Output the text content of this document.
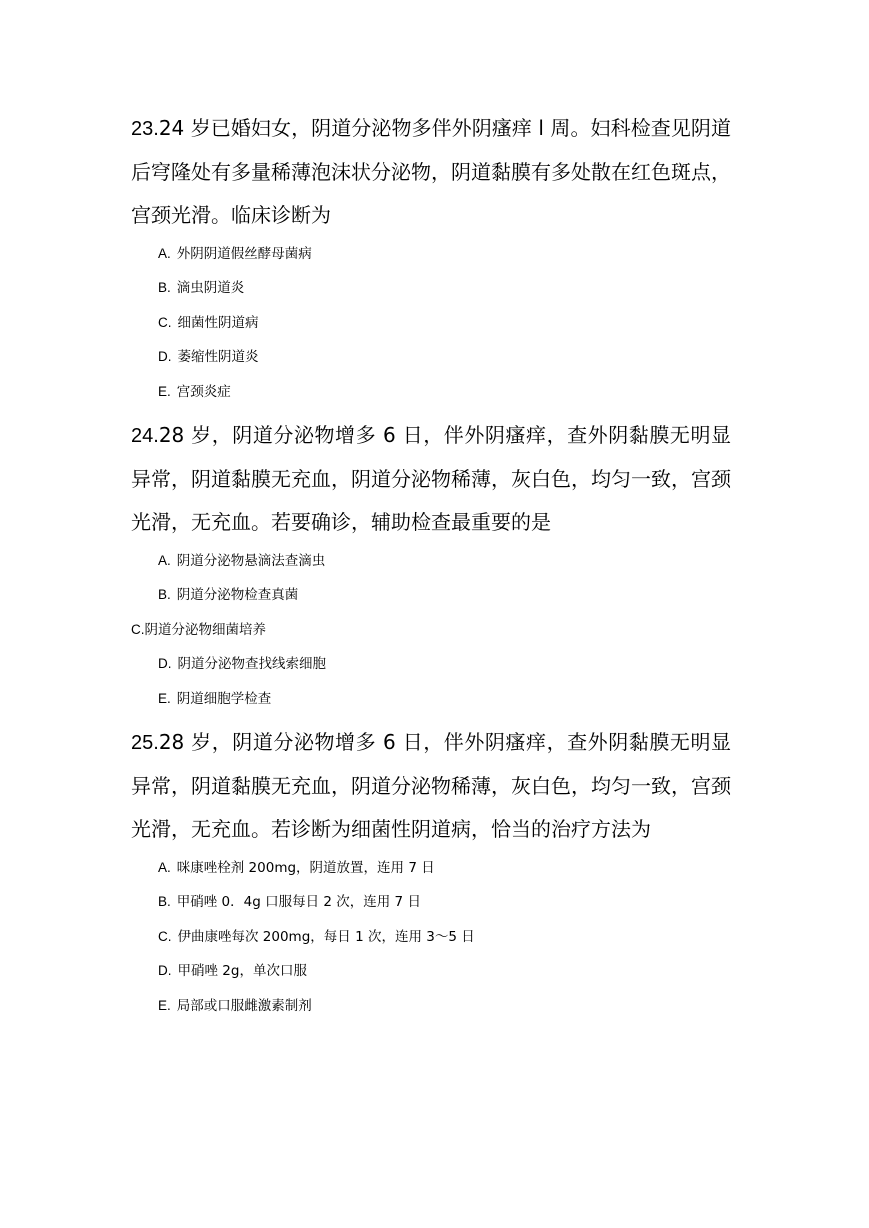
23.24 岁已婚妇女，阴道分泌物多伴外阴瘙痒 l 周。妇科检查见阴道后穹隆处有多量稀薄泡沫状分泌物，阴道黏膜有多处散在红色斑点，宫颈光滑。临床诊断为

A. 外阴阴道假丝酵母菌病
B. 滴虫阴道炎
C. 细菌性阴道病
D. 萎缩性阴道炎
E. 宫颈炎症

24.28 岁，阴道分泌物增多 6 日，伴外阴瘙痒，查外阴黏膜无明显异常，阴道黏膜无充血，阴道分泌物稀薄，灰白色，均匀一致，宫颈光滑，无充血。若要确诊，辅助检查最重要的是

A. 阴道分泌物悬滴法查滴虫
B. 阴道分泌物检查真菌
C.阴道分泌物细菌培养
D. 阴道分泌物查找线索细胞
E. 阴道细胞学检查

25.28 岁，阴道分泌物增多 6 日，伴外阴瘙痒，查外阴黏膜无明显异常，阴道黏膜无充血，阴道分泌物稀薄，灰白色，均匀一致，宫颈光滑，无充血。若诊断为细菌性阴道病，恰当的治疗方法为

A. 咪康唑栓剂 200mg，阴道放置，连用 7 日
B. 甲硝唑 0．4g 口服每日 2 次，连用 7 日
C. 伊曲康唑每次 200mg，每日 1 次，连用 3～5 日
D. 甲硝唑 2g，单次口服
E. 局部或口服雌激素制剂
